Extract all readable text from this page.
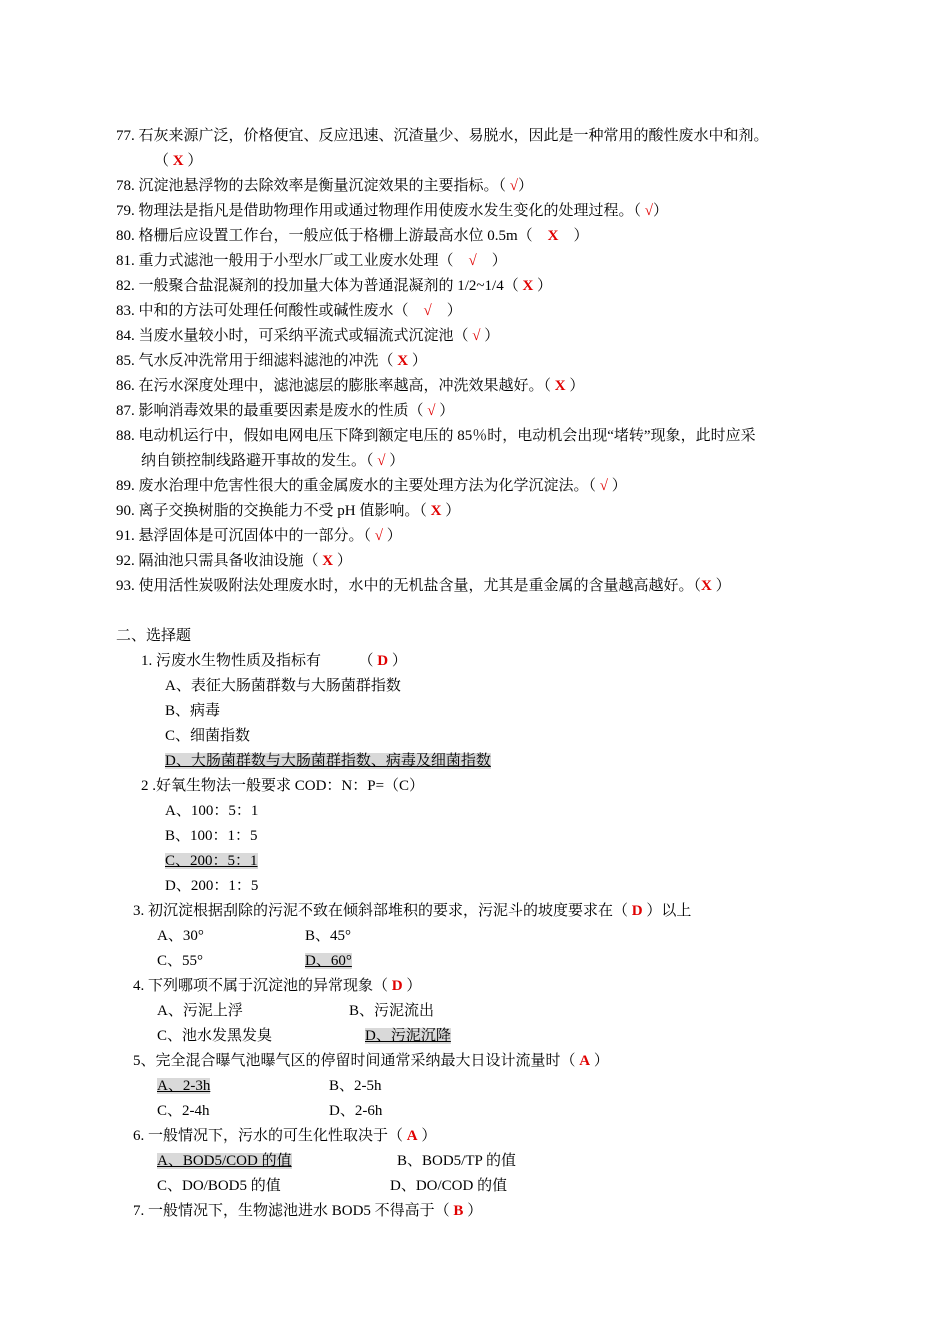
77. 石灰来源广泛，价格便宜、反应迅速、沉渣量少、易脱水，因此是一种常用的酸性废水中和剂。
（ X ）
78. 沉淀池悬浮物的去除效率是衡量沉淀效果的主要指标。（ √）
79. 物理法是指凡是借助物理作用或通过物理作用使废水发生变化的处理过程。（ √）
80. 格栅后应设置工作台，一般应低于格栅上游最高水位 0.5m（　X　）
81. 重力式滤池一般用于小型水厂或工业废水处理（　√　）
82. 一般聚合盐混凝剂的投加量大体为普通混凝剂的 1/2~1/4（ X ）
83. 中和的方法可处理任何酸性或碱性废水（　√　）
84. 当废水量较小时，可采纳平流式或辐流式沉淀池（ √ ）
85. 气水反冲洗常用于细滤料滤池的冲洗（ X ）
86. 在污水深度处理中，滤池滤层的膨胀率越高，冲洗效果越好。（ X ）
87. 影响消毒效果的最重要因素是废水的性质（ √ ）
88. 电动机运行中，假如电网电压下降到额定电压的 85％时，电动机会出现“堵转”现象，此时应采
纳自锁控制线路避开事故的发生。（ √ ）
89. 废水治理中危害性很大的重金属废水的主要处理方法为化学沉淀法。（ √ ）
90. 离子交换树脂的交换能力不受 pH 值影响。（ X ）
91. 悬浮固体是可沉固体中的一部分。（ √ ）
92. 隔油池只需具备收油设施（ X ）
93. 使用活性炭吸附法处理废水时，水中的无机盐含量，尤其是重金属的含量越高越好。（X ）
二、选择题
1. 污废水生物性质及指标有　　　（ D ）
A、表征大肠菌群数与大肠菌群指数
B、病毒
C、细菌指数
D、大肠菌群数与大肠菌群指数、病毒及细菌指数
2 .好氧生物法一般要求 COD：N：P=（C）
A、100：5：1
B、100：1：5
C、200：5：1
D、200：1：5
3. 初沉淀根据刮除的污泥不致在倾斜部堆积的要求，污泥斗的坡度要求在（ D ）以上
A、30°	B、45°
C、55°	D、60°
4. 下列哪项不属于沉淀池的异常现象（ D ）
A、污泥上浮	B、污泥流出
C、池水发黑发臭	D、污泥沉降
5、完全混合曝气池曝气区的停留时间通常采纳最大日设计流量时（ A ）
A、2-3h	B、2-5h
C、2-4h	D、2-6h
6. 一般情况下，污水的可生化性取决于（ A ）
A、BOD5/COD 的值	B、BOD5/TP 的值
C、DO/BOD5 的值	D、DO/COD 的值
7. 一般情况下，生物滤池进水 BOD5 不得高于（ B ）
